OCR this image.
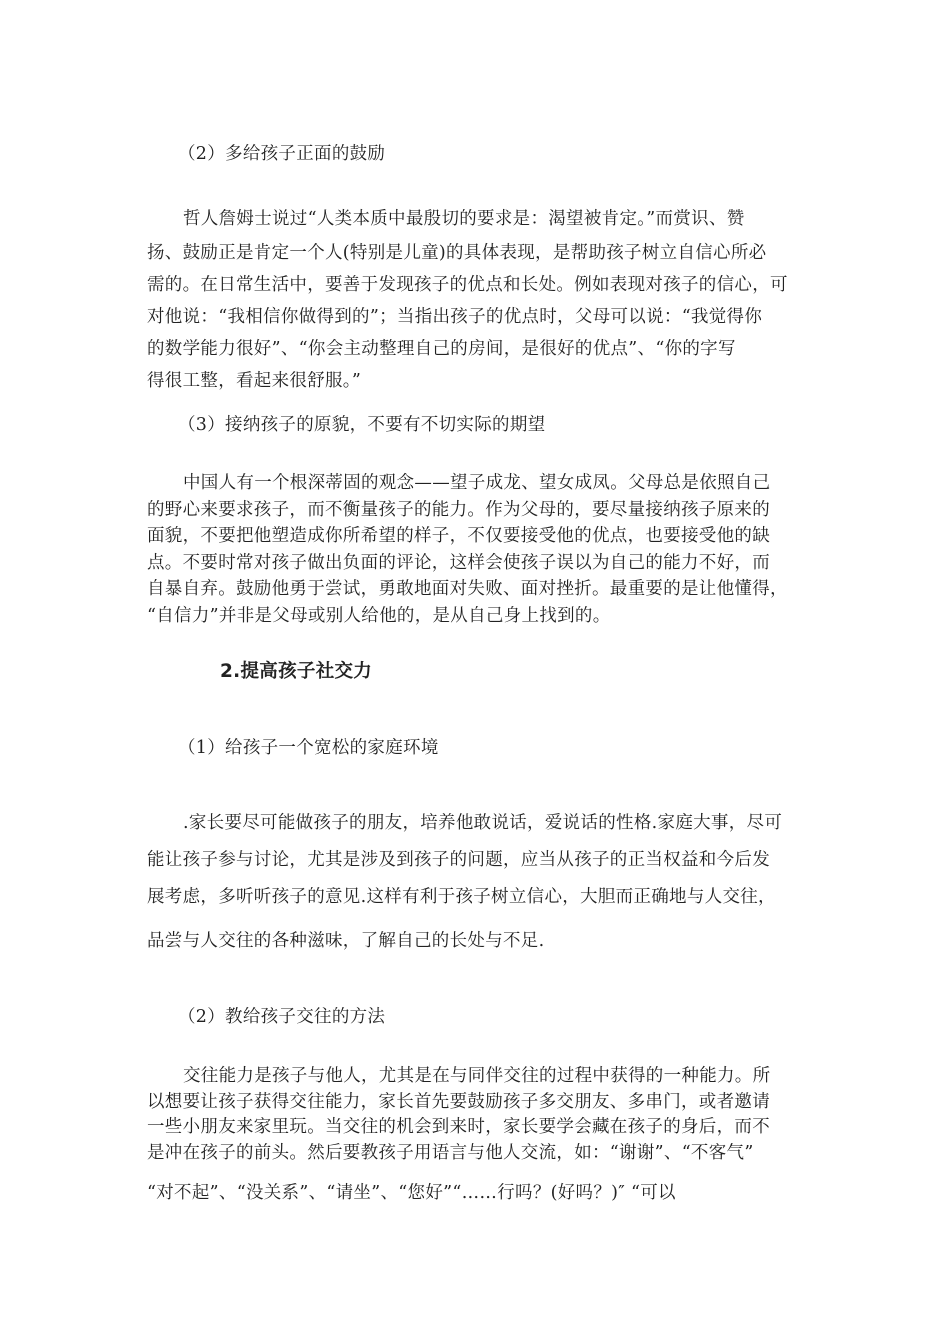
（2）多给孩子正面的鼓励

哲人詹姆士说过“人类本质中最殷切的要求是：渴望被肯定。”而赏识、赞
扬、鼓励正是肯定一个人(特别是儿童)的具体表现，是帮助孩子树立自信心所必
需的。在日常生活中，要善于发现孩子的优点和长处。例如表现对孩子的信心，可
对他说：“我相信你做得到的”；当指出孩子的优点时，父母可以说：“我觉得你
的数学能力很好”、“你会主动整理自己的房间，是很好的优点”、“你的字写
得很工整，看起来很舒服。”

（3）接纳孩子的原貌，不要有不切实际的期望

中国人有一个根深蒂固的观念——望子成龙、望女成凤。父母总是依照自己
的野心来要求孩子，而不衡量孩子的能力。作为父母的，要尽量接纳孩子原来的
面貌，不要把他塑造成你所希望的样子，不仅要接受他的优点，也要接受他的缺
点。不要时常对孩子做出负面的评论，这样会使孩子误以为自己的能力不好，而
自暴自弃。鼓励他勇于尝试，勇敢地面对失败、面对挫折。最重要的是让他懂得，
“自信力”并非是父母或别人给他的，是从自己身上找到的。

2.提高孩子社交力

（1）给孩子一个宽松的家庭环境

.家长要尽可能做孩子的朋友，培养他敢说话，爱说话的性格.家庭大事，尽可
能让孩子参与讨论，尤其是涉及到孩子的问题，应当从孩子的正当权益和今后发
展考虑，多听听孩子的意见.这样有利于孩子树立信心，大胆而正确地与人交往，
品尝与人交往的各种滋味，了解自己的长处与不足.

（2）教给孩子交往的方法

交往能力是孩子与他人，尤其是在与同伴交往的过程中获得的一种能力。所
以想要让孩子获得交往能力，家长首先要鼓励孩子多交朋友、多串门，或者邀请
一些小朋友来家里玩。当交往的机会到来时，家长要学会藏在孩子的身后，而不
是冲在孩子的前头。然后要教孩子用语言与他人交流，如：“谢谢”、“不客气”
“对不起”、“没关系”、“请坐”、“您好”“……行吗？(好吗？)″ “可以
